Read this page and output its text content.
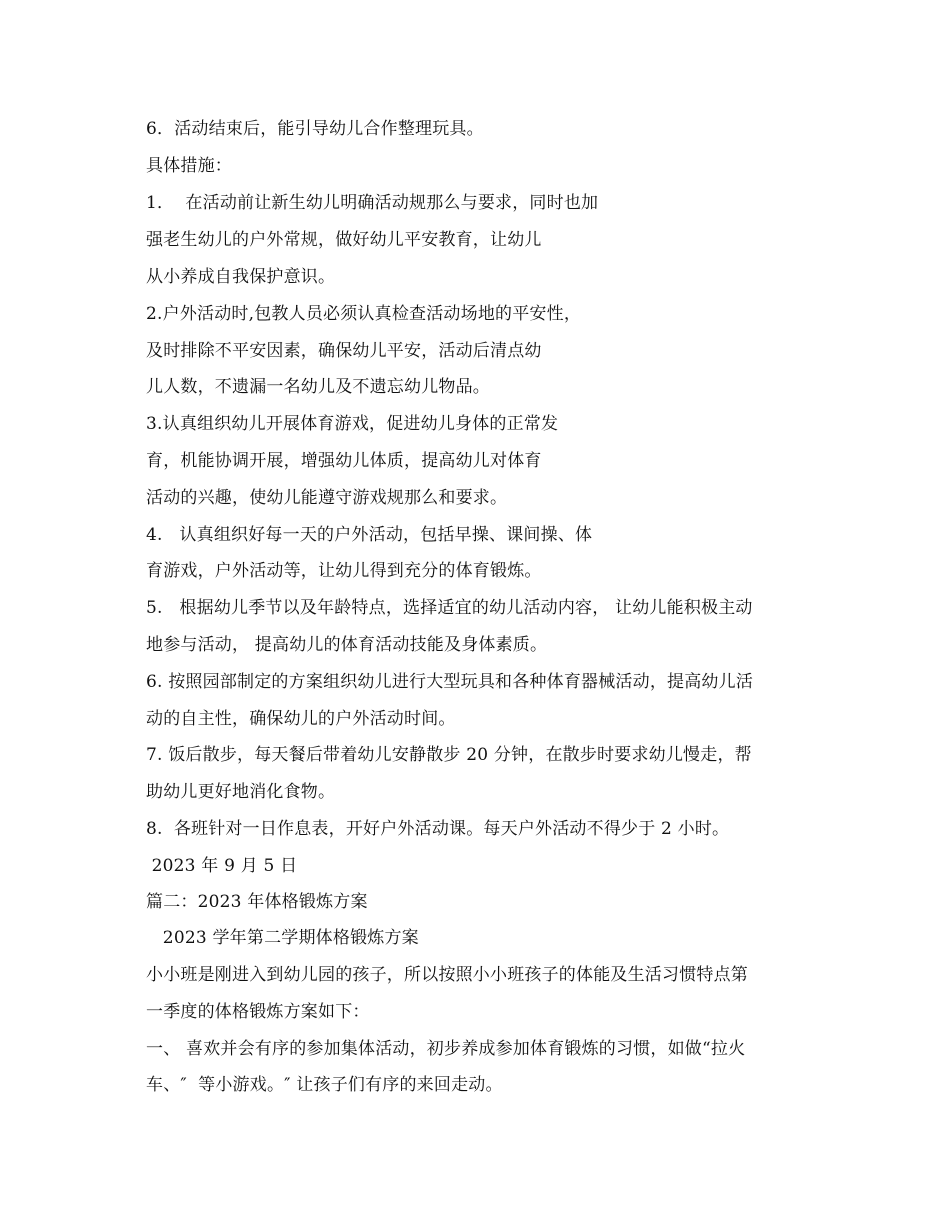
6．活动结束后，能引导幼儿合作整理玩具。
具体措施：
1．  在活动前让新生幼儿明确活动规那么与要求，同时也加
强老生幼儿的户外常规，做好幼儿平安教育，让幼儿
从小养成自我保护意识。
2.户外活动时,包教人员必须认真检查活动场地的平安性，
及时排除不平安因素，确保幼儿平安，活动后清点幼
儿人数，不遗漏一名幼儿及不遗忘幼儿物品。
3.认真组织幼儿开展体育游戏，促进幼儿身体的正常发
育，机能协调开展，增强幼儿体质，提高幼儿对体育
活动的兴趣，使幼儿能遵守游戏规那么和要求。
4.   认真组织好每一天的户外活动，包括早操、课间操、体
育游戏，户外活动等，让幼儿得到充分的体育锻炼。
5.   根据幼儿季节以及年龄特点，选择适宜的幼儿活动内容， 让幼儿能积极主动
地参与活动， 提高幼儿的体育活动技能及身体素质。
6. 按照园部制定的方案组织幼儿进行大型玩具和各种体育器械活动，提高幼儿活
动的自主性，确保幼儿的户外活动时间。
7. 饭后散步，每天餐后带着幼儿安静散步 20 分钟，在散步时要求幼儿慢走，帮
助幼儿更好地消化食物。
8.  各班针对一日作息表，开好户外活动课。每天户外活动不得少于 2 小时。
2023 年 9 月 5 日
篇二：2023 年体格锻炼方案
2023 学年第二学期体格锻炼方案
小小班是刚进入到幼儿园的孩子，所以按照小小班孩子的体能及生活习惯特点第
一季度的体格锻炼方案如下：
一、 喜欢并会有序的参加集体活动，初步养成参加体育锻炼的习惯，如做“拉火
车、″  等小游戏。″ 让孩子们有序的来回走动。
